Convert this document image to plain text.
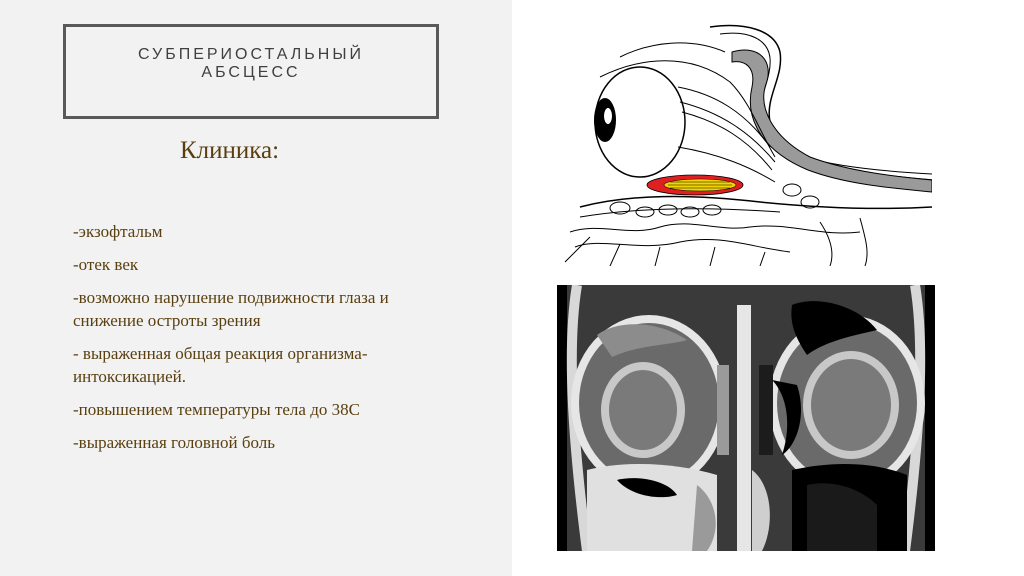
СУБПЕРИОСТАЛЬНЫЙ
АБСЦЕСС
Клиника:
-экзофтальм
-отек век
-возможно нарушение подвижности глаза и снижение остроты зрения
- выраженная общая реакция организма- интоксикацией.
-повышением температуры тела до 38С
-выраженная головной боль
